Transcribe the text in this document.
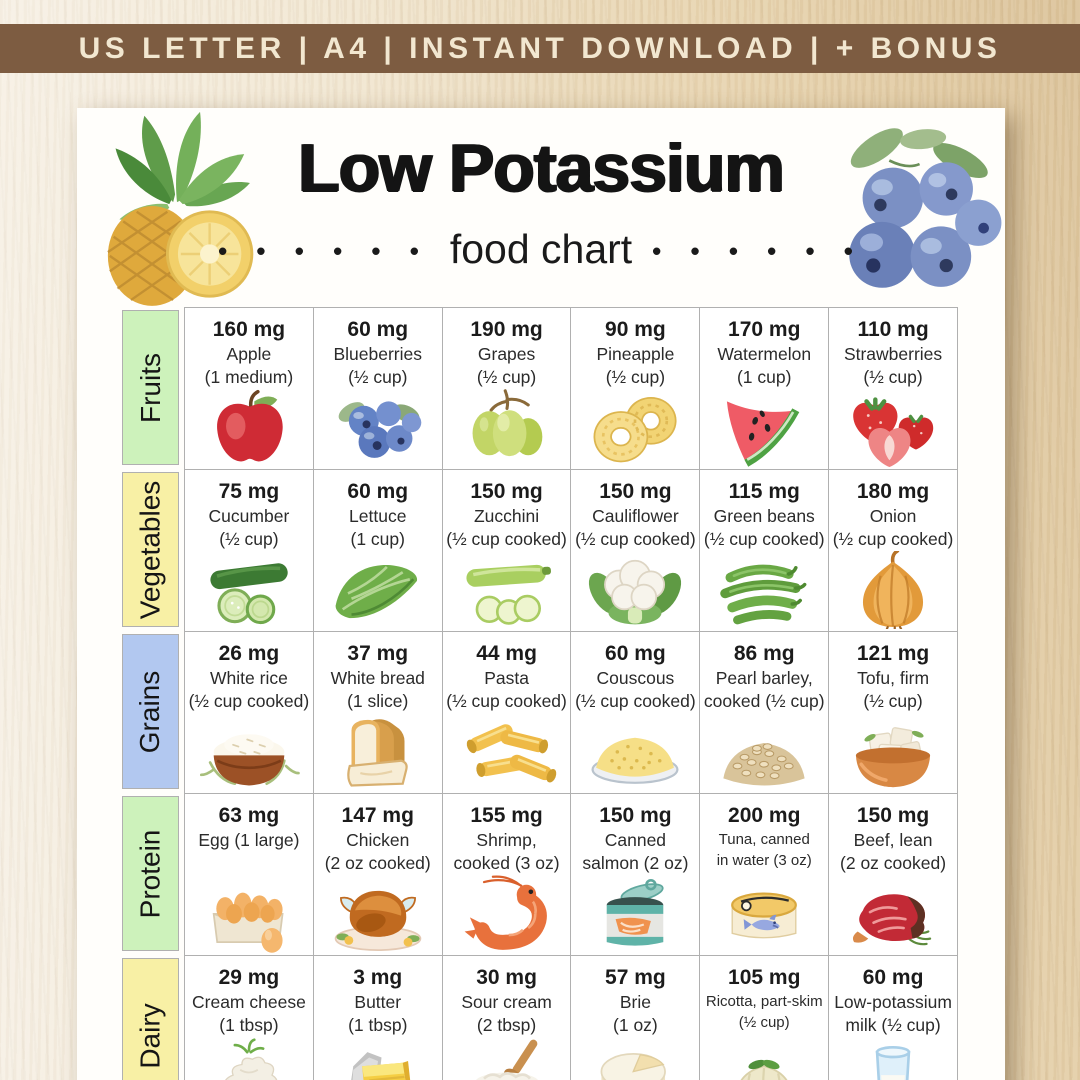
US LETTER | A4 | INSTANT DOWNLOAD | + BONUS
Low Potassium
• • • • • • food chart • • • • • •
Fruits
Vegetables
Grains
Protein
Dairy
160 mg
Apple
(1 medium)
60 mg
Blueberries
(½ cup)
190 mg
Grapes
(½ cup)
90 mg
Pineapple
(½ cup)
170 mg
Watermelon
(1 cup)
110 mg
Strawberries
(½ cup)
75 mg
Cucumber
(½ cup)
60 mg
Lettuce
(1 cup)
150 mg
Zucchini
(½ cup cooked)
150 mg
Cauliflower
(½ cup cooked)
115 mg
Green beans
(½ cup cooked)
180 mg
Onion
(½ cup cooked)
26 mg
White rice
(½ cup cooked)
37 mg
White bread
(1 slice)
44 mg
Pasta
(½ cup cooked)
60 mg
Couscous
(½ cup cooked)
86 mg
Pearl barley,
cooked (½ cup)
121 mg
Tofu, firm
(½ cup)
63 mg
Egg (1 large)
147 mg
Chicken
(2 oz cooked)
155 mg
Shrimp,
cooked (3 oz)
150 mg
Canned
salmon (2 oz)
200 mg
Tuna, canned
in water (3 oz)
150 mg
Beef, lean
(2 oz cooked)
29 mg
Cream cheese
(1 tbsp)
3 mg
Butter
(1 tbsp)
30 mg
Sour cream
(2 tbsp)
57 mg
Brie
(1 oz)
105 mg
Ricotta, part-skim
(½ cup)
60 mg
Low-potassium
milk (½ cup)
